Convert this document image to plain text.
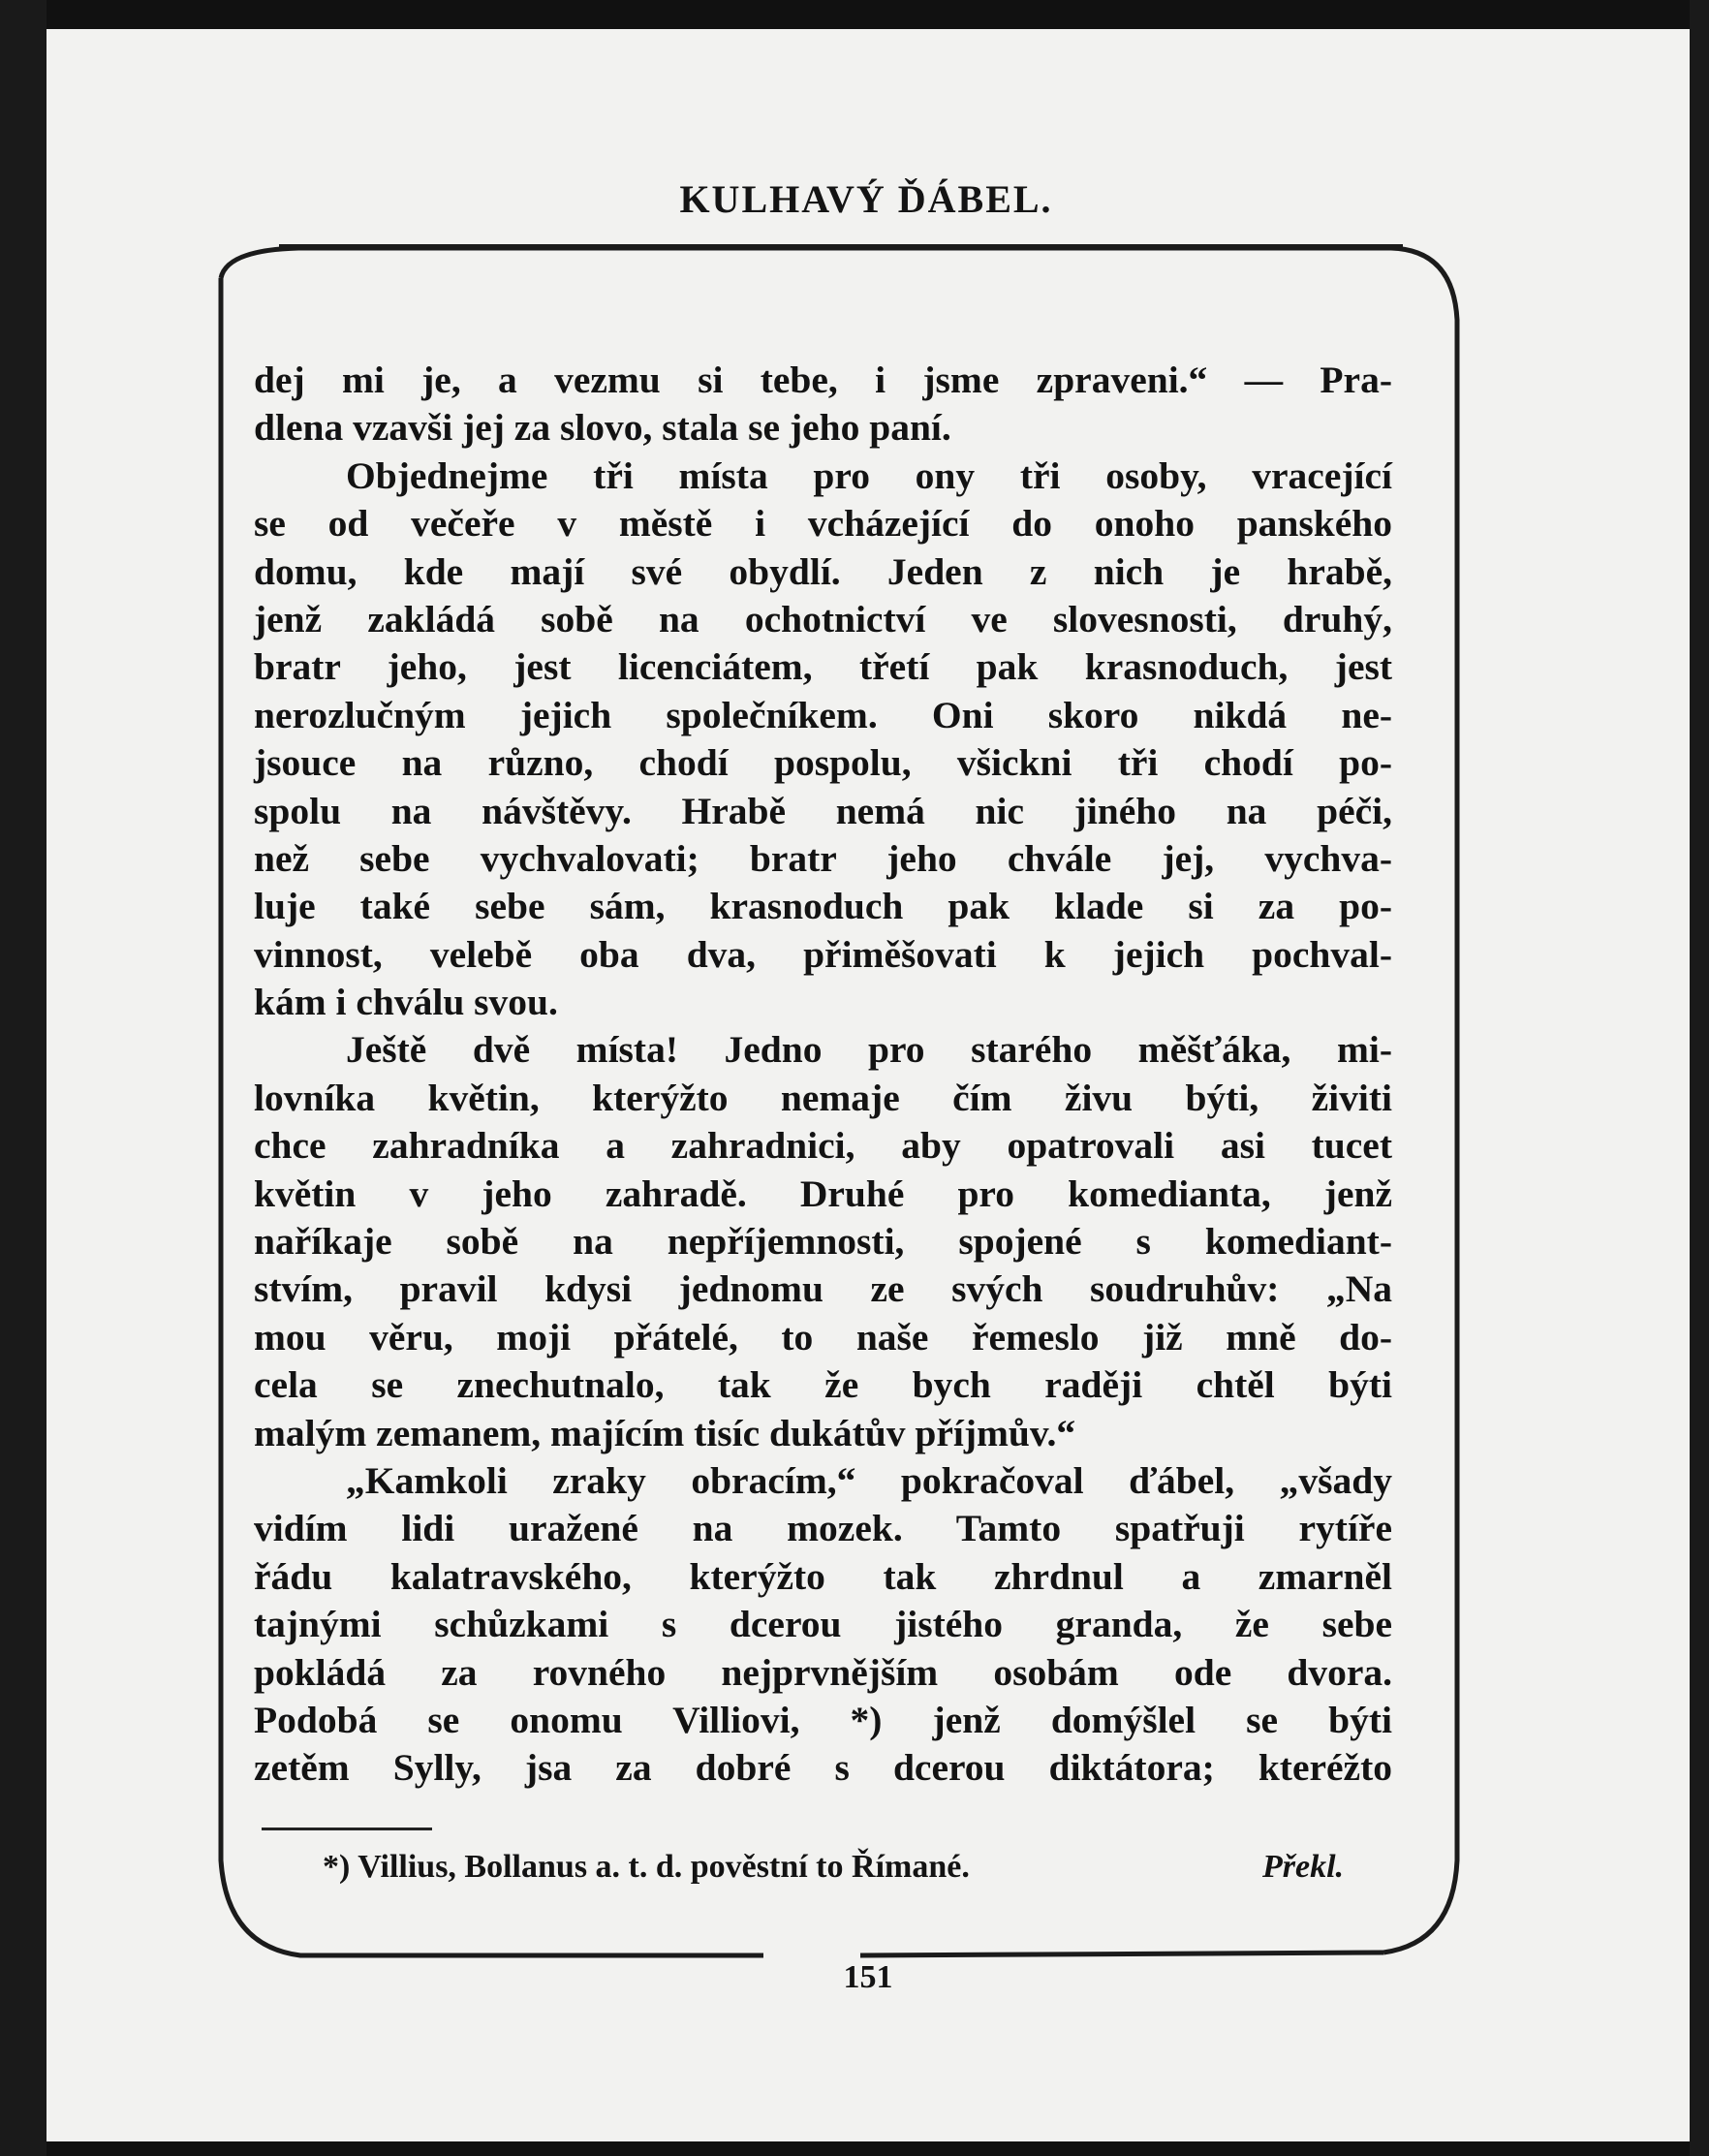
KULHAVÝ ĎÁBEL.
dej mi je, a vezmu si tebe, i jsme zpraveni.“ — Pra-
dlena vzavši jej za slovo, stala se jeho paní.
Objednejme tři místa pro ony tři osoby, vracející
se od večeře v městě i vcházející do onoho panského
domu, kde mají své obydlí. Jeden z nich je hrabě,
jenž zakládá sobě na ochotnictví ve slovesnosti, druhý,
bratr jeho, jest licenciátem, třetí pak krasnoduch, jest
nerozlučným jejich společníkem. Oni skoro nikdá ne-
jsouce na různo, chodí pospolu, všickni tři chodí po-
spolu na návštěvy. Hrabě nemá nic jiného na péči,
než sebe vychvalovati; bratr jeho chvále jej, vychva-
luje také sebe sám, krasnoduch pak klade si za po-
vinnost, velebě oba dva, přiměšovati k jejich pochval-
kám i chválu svou.
Ještě dvě místa! Jedno pro starého měšťáka, mi-
lovníka květin, kterýžto nemaje čím živu býti, živiti
chce zahradníka a zahradnici, aby opatrovali asi tucet
květin v jeho zahradě. Druhé pro komedianta, jenž
naříkaje sobě na nepříjemnosti, spojené s komediant-
stvím, pravil kdysi jednomu ze svých soudruhův: „Na
mou věru, moji přátelé, to naše řemeslo již mně do-
cela se znechutnalo, tak že bych raději chtěl býti
malým zemanem, majícím tisíc dukátův příjmův.“
„Kamkoli zraky obracím,“ pokračoval ďábel, „všady
vidím lidi uražené na mozek. Tamto spatřuji rytíře
řádu kalatravského, kterýžto tak zhrdnul a zmarněl
tajnými schůzkami s dcerou jistého granda, že sebe
pokládá za rovného nejprvnějším osobám ode dvora.
Podobá se onomu Villiovi, *) jenž domýšlel se býti
zetěm Sylly, jsa za dobré s dcerou diktátora; kteréžto
*) Villius, Bollanus a. t. d. pověstní to Římané.	Překl.
151
